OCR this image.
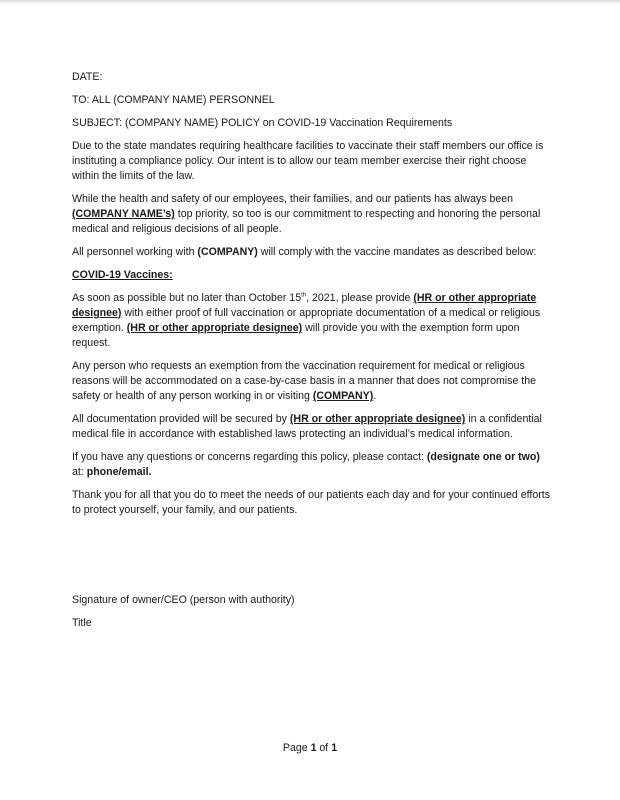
DATE:

TO: ALL (COMPANY NAME) PERSONNEL

SUBJECT: (COMPANY NAME) POLICY on COVID-19 Vaccination Requirements

Due to the state mandates requiring healthcare facilities to vaccinate their staff members our office is instituting a compliance policy. Our intent is to allow our team member exercise their right choose within the limits of the law.

While the health and safety of our employees, their families, and our patients has always been (COMPANY NAME’s) top priority, so too is our commitment to respecting and honoring the personal medical and religious decisions of all people.

All personnel working with (COMPANY) will comply with the vaccine mandates as described below:

COVID-19 Vaccines:

As soon as possible but no later than October 15th, 2021, please provide (HR or other appropriate designee) with either proof of full vaccination or appropriate documentation of a medical or religious exemption. (HR or other appropriate designee) will provide you with the exemption form upon request.

Any person who requests an exemption from the vaccination requirement for medical or religious reasons will be accommodated on a case-by-case basis in a manner that does not compromise the safety or health of any person working in or visiting (COMPANY).

All documentation provided will be secured by (HR or other appropriate designee) in a confidential medical file in accordance with established laws protecting an individual’s medical information.

If you have any questions or concerns regarding this policy, please contact: (designate one or two) at: phone/email.

Thank you for all that you do to meet the needs of our patients each day and for your continued efforts to protect yourself, your family, and our patients.

Signature of owner/CEO (person with authority)
Title
Page 1 of 1
